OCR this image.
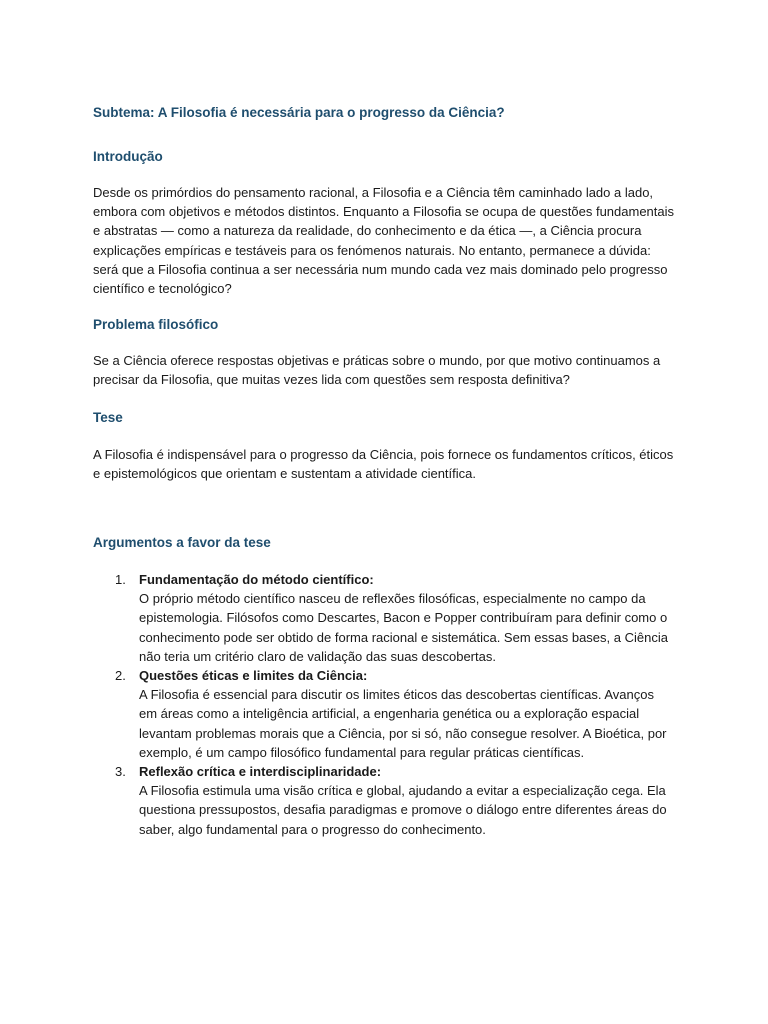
Subtema: A Filosofia é necessária para o progresso da Ciência?
Introdução

Desde os primórdios do pensamento racional, a Filosofia e a Ciência têm caminhado lado a lado, embora com objetivos e métodos distintos. Enquanto a Filosofia se ocupa de questões fundamentais e abstratas — como a natureza da realidade, do conhecimento e da ética —, a Ciência procura explicações empíricas e testáveis para os fenómenos naturais. No entanto, permanece a dúvida: será que a Filosofia continua a ser necessária num mundo cada vez mais dominado pelo progresso científico e tecnológico?

Problema filosófico

Se a Ciência oferece respostas objetivas e práticas sobre o mundo, por que motivo continuamos a precisar da Filosofia, que muitas vezes lida com questões sem resposta definitiva?

Tese

A Filosofia é indispensável para o progresso da Ciência, pois fornece os fundamentos críticos, éticos e epistemológicos que orientam e sustentam a atividade científica.

Argumentos a favor da tese
1. Fundamentação do método científico:
O próprio método científico nasceu de reflexões filosóficas, especialmente no campo da epistemologia. Filósofos como Descartes, Bacon e Popper contribuíram para definir como o conhecimento pode ser obtido de forma racional e sistemática. Sem essas bases, a Ciência não teria um critério claro de validação das suas descobertas.
2. Questões éticas e limites da Ciência:
A Filosofia é essencial para discutir os limites éticos das descobertas científicas. Avanços em áreas como a inteligência artificial, a engenharia genética ou a exploração espacial levantam problemas morais que a Ciência, por si só, não consegue resolver. A Bioética, por exemplo, é um campo filosófico fundamental para regular práticas científicas.
3. Reflexão crítica e interdisciplinaridade:
A Filosofia estimula uma visão crítica e global, ajudando a evitar a especialização cega. Ela questiona pressupostos, desafia paradigmas e promove o diálogo entre diferentes áreas do saber, algo fundamental para o progresso do conhecimento.
